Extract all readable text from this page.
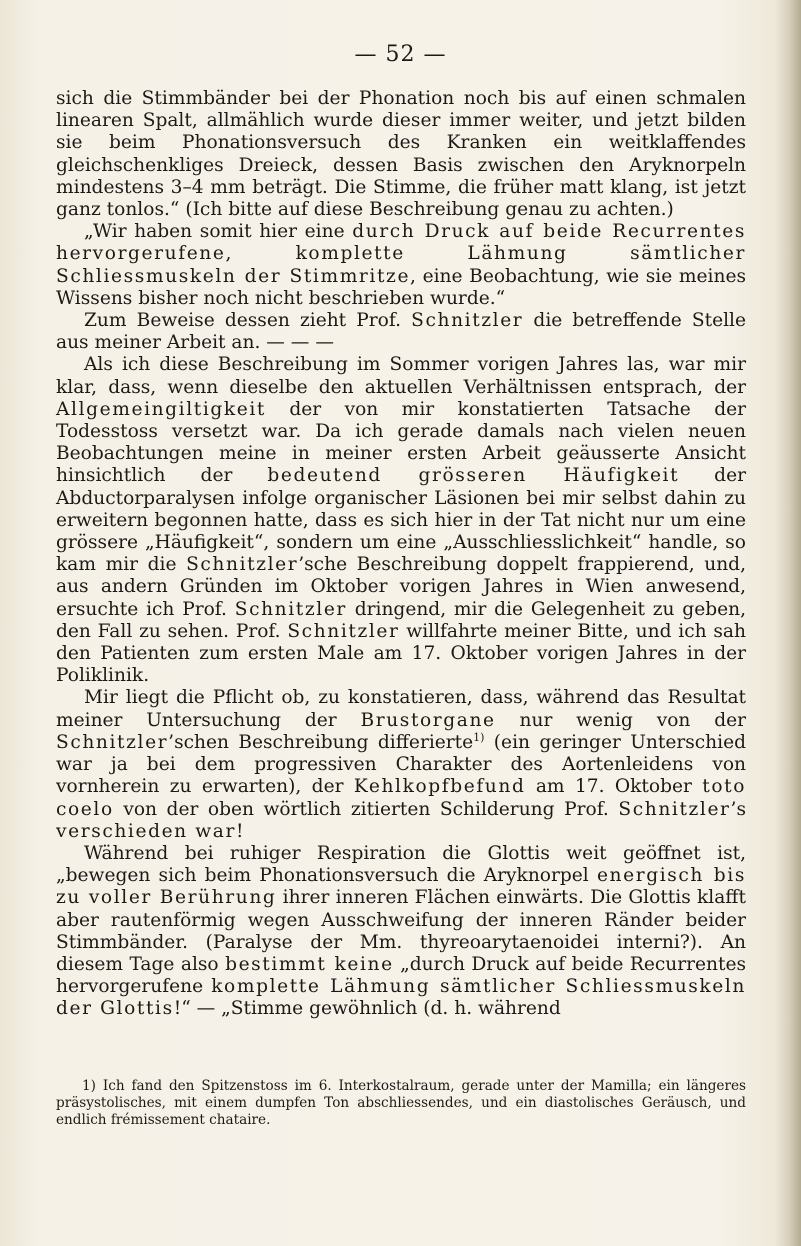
— 52 —

sich die Stimmbänder bei der Phonation noch bis auf einen schmalen linearen Spalt, allmählich wurde dieser immer weiter, und jetzt bilden sie beim Phonationsversuch des Kranken ein weitklaffendes gleichschenkliges Dreieck, dessen Basis zwischen den Aryknorpeln mindestens 3–4 mm beträgt. Die Stimme, die früher matt klang, ist jetzt ganz tonlos.“ (Ich bitte auf diese Beschreibung genau zu achten.)

„Wir haben somit hier eine durch Druck auf beide Recurrentes hervorgerufene, komplette Lähmung sämtlicher Schliessmuskeln der Stimmritze, eine Beobachtung, wie sie meines Wissens bisher noch nicht beschrieben wurde.“

Zum Beweise dessen zieht Prof. Schnitzler die betreffende Stelle aus meiner Arbeit an. — — —

Als ich diese Beschreibung im Sommer vorigen Jahres las, war mir klar, dass, wenn dieselbe den aktuellen Verhältnissen entsprach, der Allgemeingiltigkeit der von mir konstatierten Tatsache der Todesstoss versetzt war. Da ich gerade damals nach vielen neuen Beobachtungen meine in meiner ersten Arbeit geäusserte Ansicht hinsichtlich der bedeutend grösseren Häufigkeit der Abductorparalysen infolge organischer Läsionen bei mir selbst dahin zu erweitern begonnen hatte, dass es sich hier in der Tat nicht nur um eine grössere „Häufigkeit“, sondern um eine „Ausschliesslichkeit“ handle, so kam mir die Schnitzler’sche Beschreibung doppelt frappierend, und, aus andern Gründen im Oktober vorigen Jahres in Wien anwesend, ersuchte ich Prof. Schnitzler dringend, mir die Gelegenheit zu geben, den Fall zu sehen. Prof. Schnitzler willfahrte meiner Bitte, und ich sah den Patienten zum ersten Male am 17. Oktober vorigen Jahres in der Poliklinik.

Mir liegt die Pflicht ob, zu konstatieren, dass, während das Resultat meiner Untersuchung der Brustorgane nur wenig von der Schnitzler’schen Beschreibung differierte$^{1)}$ (ein geringer Unterschied war ja bei dem progressiven Charakter des Aortenleidens von vornherein zu erwarten), der Kehlkopfbefund am 17. Oktober toto coelo von der oben wörtlich zitierten Schilderung Prof. Schnitzler’s verschieden war!

Während bei ruhiger Respiration die Glottis weit geöffnet ist, „bewegen sich beim Phonationsversuch die Aryknorpel energisch bis zu voller Berührung ihrer inneren Flächen einwärts. Die Glottis klafft aber rautenförmig wegen Ausschweifung der inneren Ränder beider Stimmbänder. (Paralyse der Mm. thyreoarytaenoidei interni?). An diesem Tage also bestimmt keine „durch Druck auf beide Recurrentes hervorgerufene komplette Lähmung sämtlicher Schliessmuskeln der Glottis!“ — „Stimme gewöhnlich (d. h. während

1) Ich fand den Spitzenstoss im 6. Interkostalraum, gerade unter der Mamilla; ein längeres präsystolisches, mit einem dumpfen Ton abschliessendes, und ein diastolisches Geräusch, und endlich frémissement chataire.
